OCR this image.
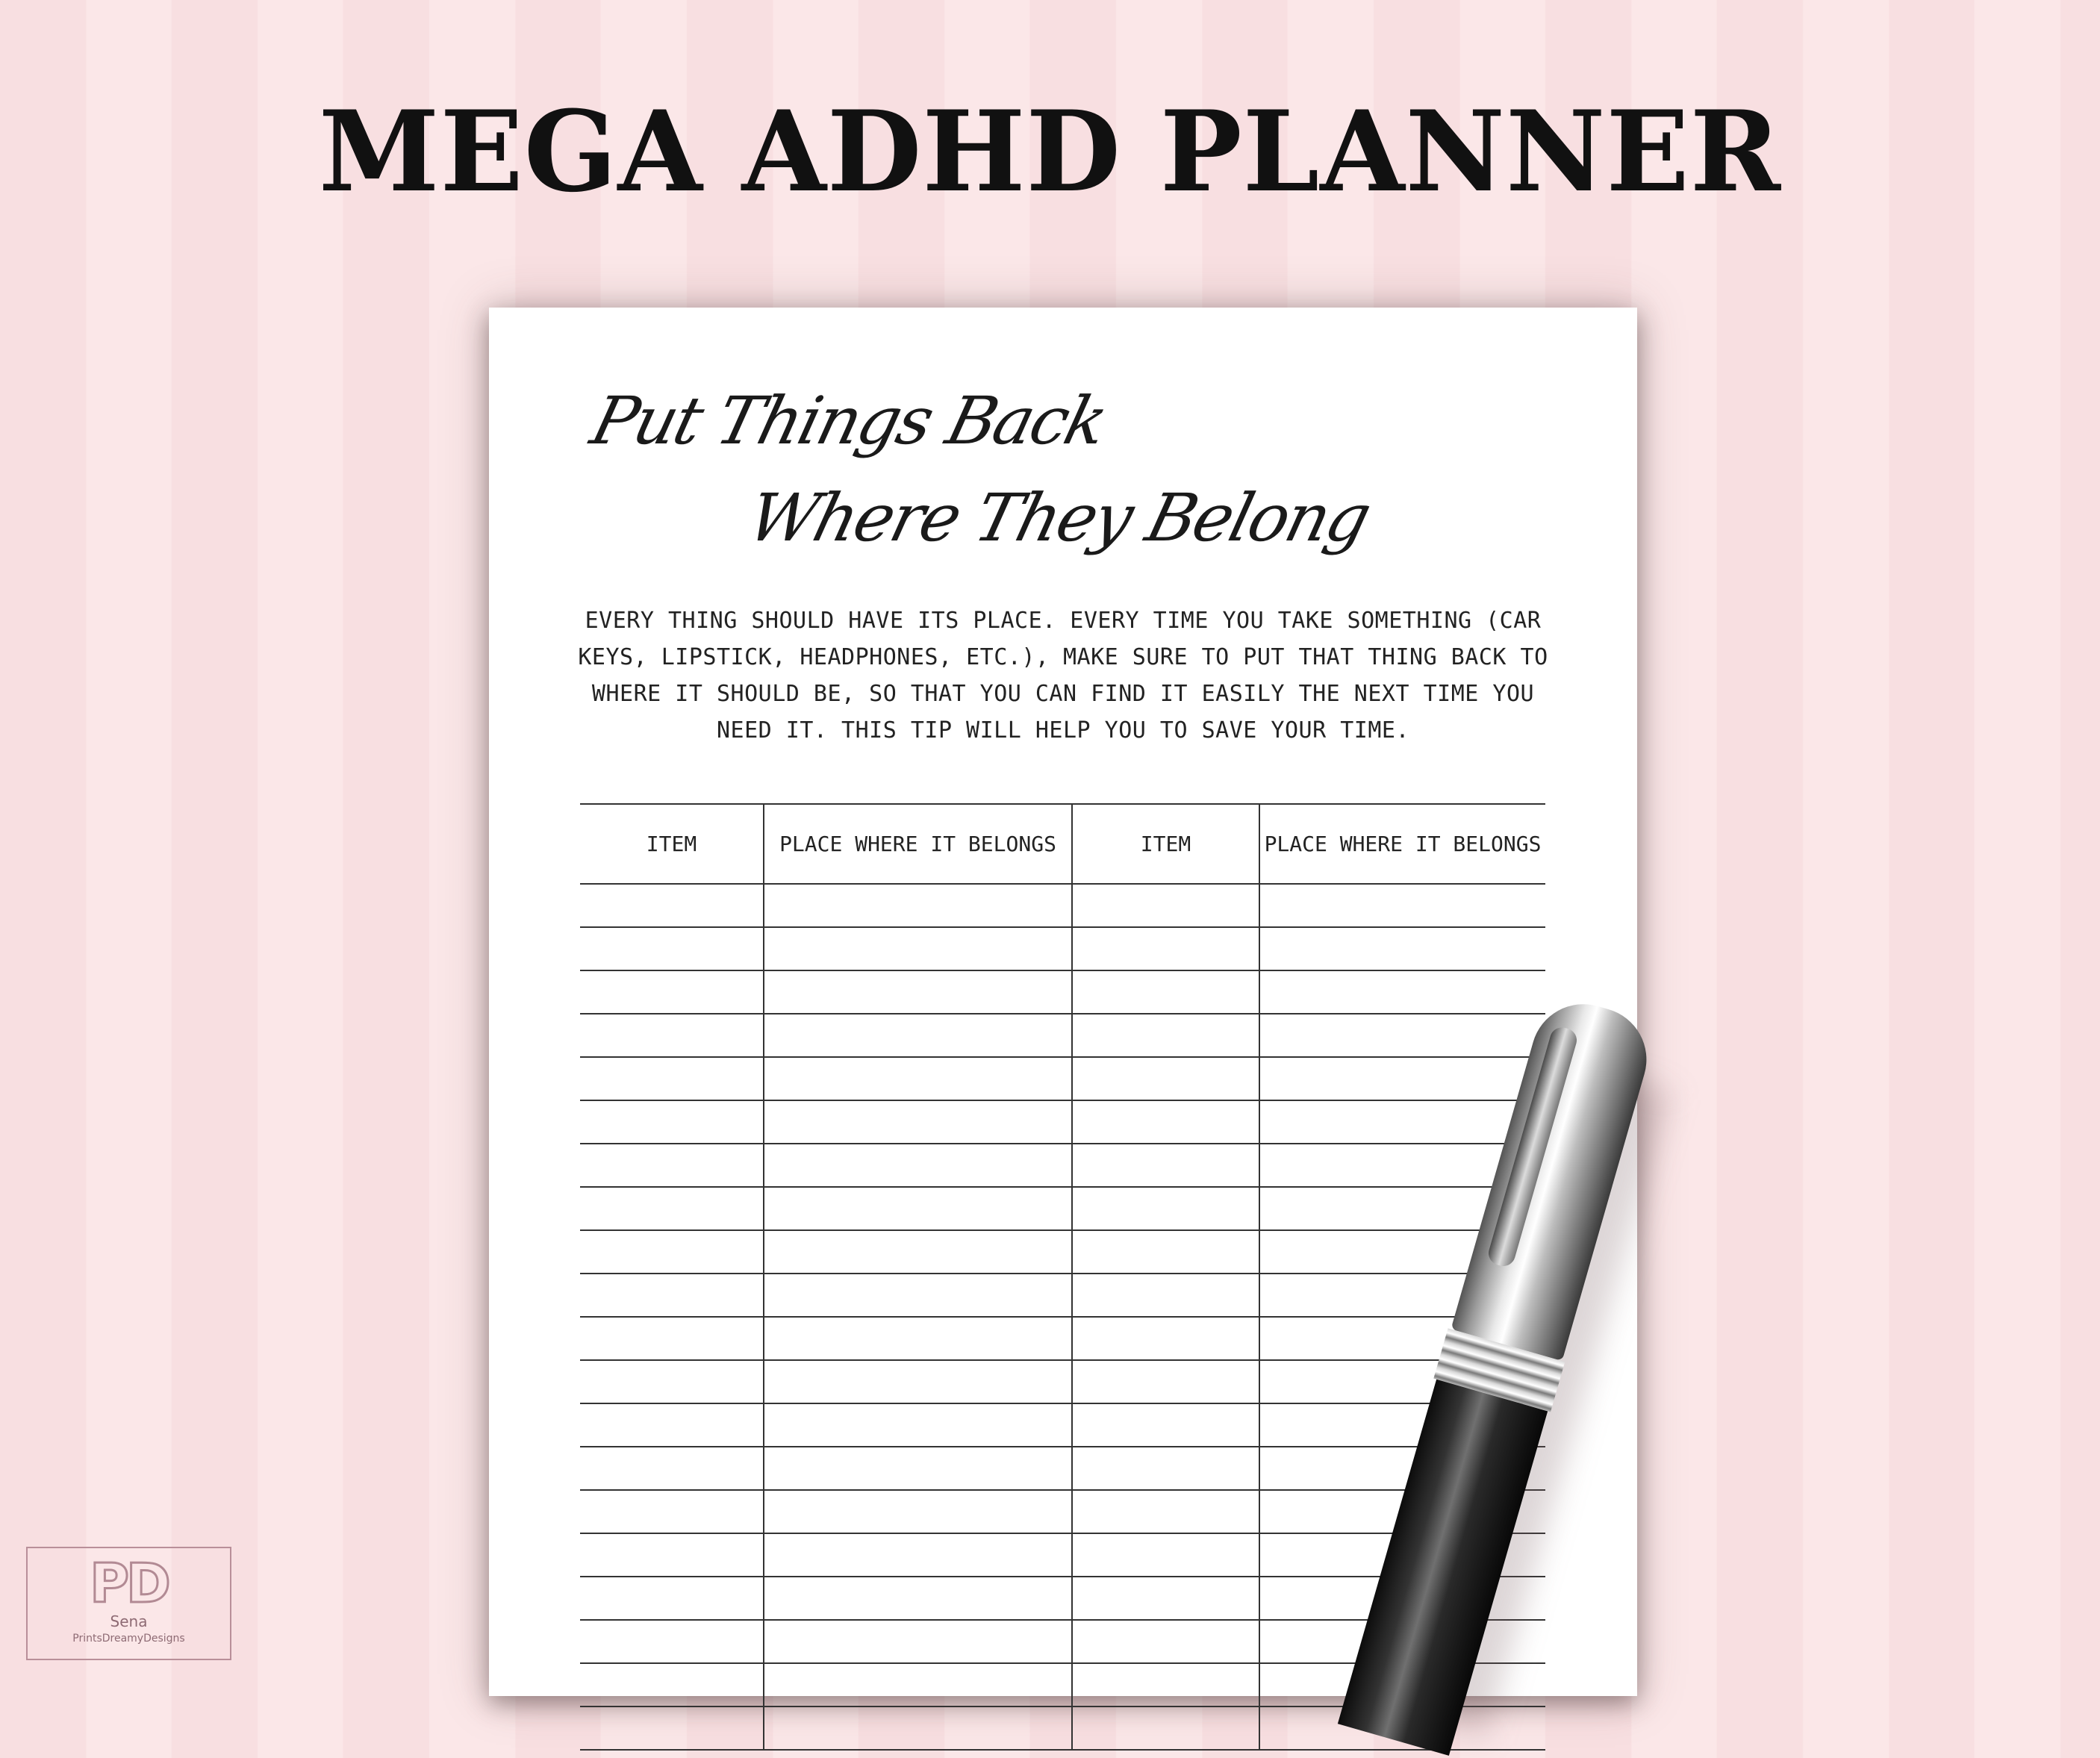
MEGA ADHD PLANNER
Put Things Back
Where They Belong
EVERY THING SHOULD HAVE ITS PLACE. EVERY TIME YOU TAKE SOMETHING (CAR KEYS, LIPSTICK, HEADPHONES, ETC.), MAKE SURE TO PUT THAT THING BACK TO WHERE IT SHOULD BE, SO THAT YOU CAN FIND IT EASILY THE NEXT TIME YOU NEED IT. THIS TIP WILL HELP YOU TO SAVE YOUR TIME.
ITEM	PLACE WHERE IT BELONGS	ITEM	PLACE WHERE IT BELONGS

PD
Sena
PrintsDreamyDesigns
